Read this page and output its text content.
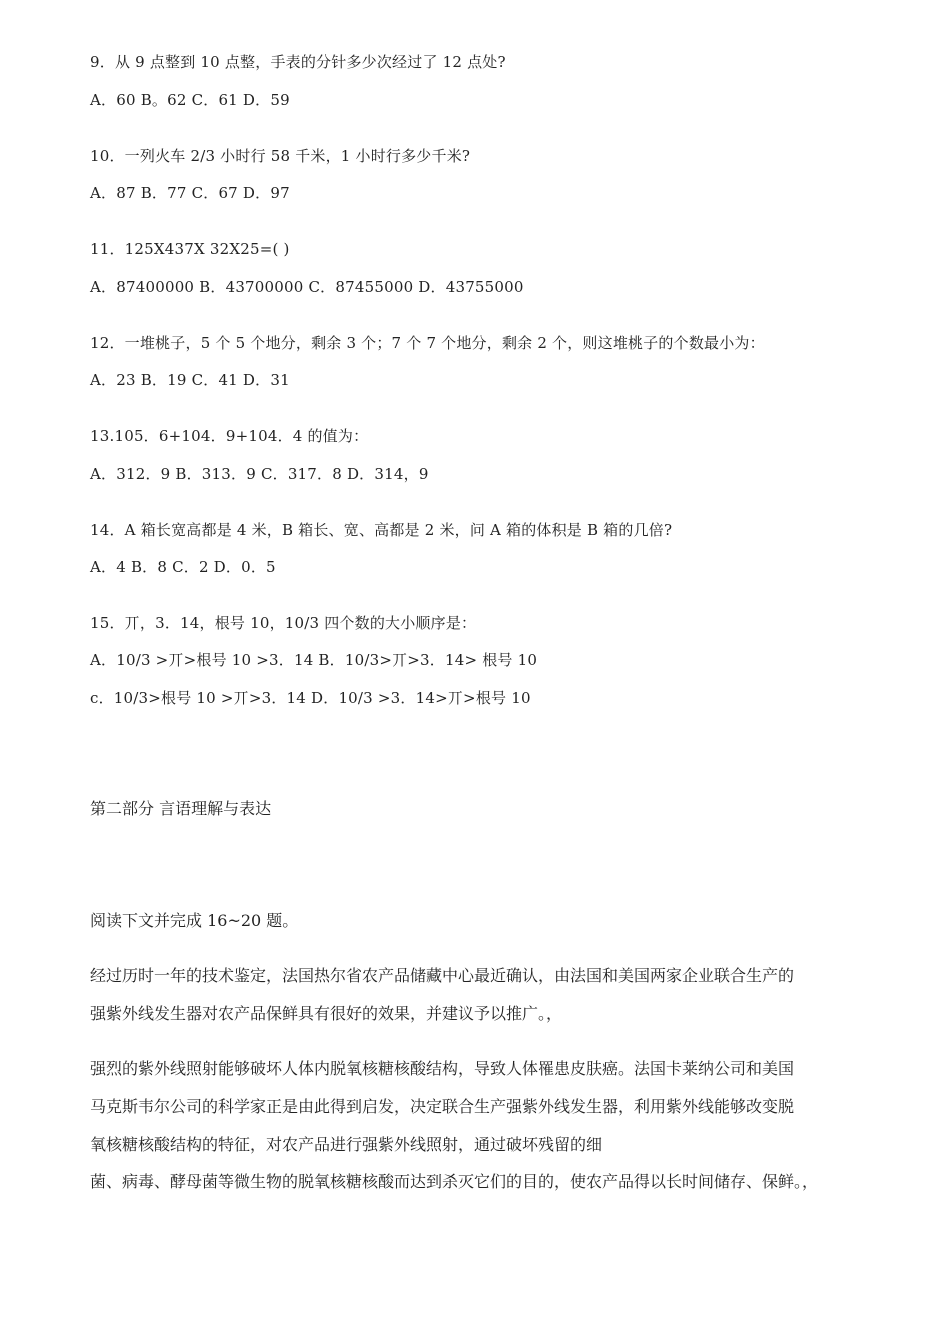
9．从 9 点整到 10 点整，手表的分针多少次经过了 12 点处?
A．60 B。62 C．61 D．59
10．一列火车 2/3 小时行 58 千米，1 小时行多少千米?
A．87 B．77 C．67 D．97
11．125X437X 32X25=( )
A．87400000 B．43700000 C．87455000 D．43755000
12．一堆桃子，5 个 5 个地分，剩余 3 个；7 个 7 个地分，剩余 2 个，则这堆桃子的个数最小为：
A．23 B．19 C．41 D．31
13.105．6+104．9+104．4 的值为：
A．312．9 B．313．9 C．317．8 D．314，9
14．A 箱长宽高都是 4 米，B 箱长、宽、高都是 2 米，问 A 箱的体积是 B 箱的几倍?
A．4 B．8 C．2 D．0．5
15．丌，3．14，根号 10，10/3 四个数的大小顺序是：
A．10/3 >丌>根号 10 >3．14 B．10/3>丌>3．14> 根号 10
c．10/3>根号 10 >丌>3．14 D．10/3 >3．14>丌>根号 10
第二部分 言语理解与表达
阅读下文并完成 16~20 题。
经过历时一年的技术鉴定，法国热尔省农产品储藏中心最近确认，由法国和美国两家企业联合生产的
强紫外线发生器对农产品保鲜具有很好的效果，并建议予以推广。，
强烈的紫外线照射能够破坏人体内脱氧核糖核酸结构，导致人体罹患皮肤癌。法国卡莱纳公司和美国
马克斯韦尔公司的科学家正是由此得到启发，决定联合生产强紫外线发生器，利用紫外线能够改变脱
氧核糖核酸结构的特征，对农产品进行强紫外线照射，通过破坏残留的细
菌、病毒、酵母菌等微生物的脱氧核糖核酸而达到杀灭它们的目的，使农产品得以长时间储存、保鲜。，
